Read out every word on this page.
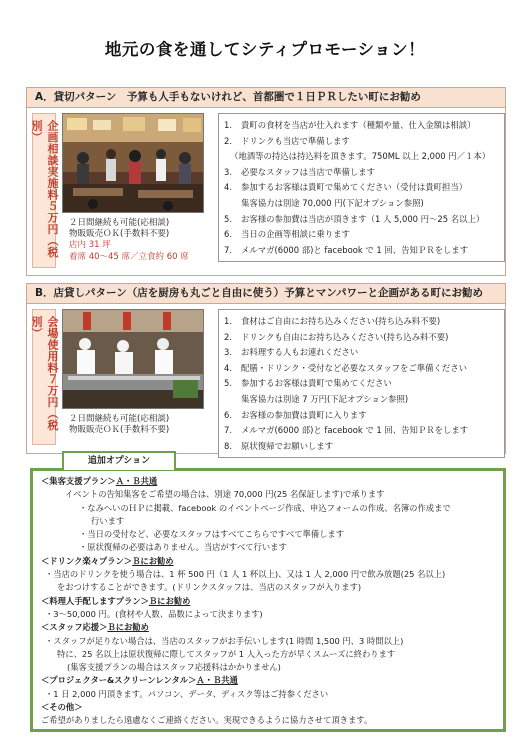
地元の食を通してシティプロモーション！
A．貸切パターン　予算も人手もないけれど、首都圏で１日ＰＲしたい町にお勧め
企画相談実施料５万円（税別）
２日間継続も可能(応相談)
物販販売ＯＫ(手数料不要)
店内 31 坪
着席 40～45 席／立食約 60 席
1.	貴町の食材を当店が仕入れます（種類や量、仕入金額は相談）
2.	ドリンクも当店で準備します
（地酒等の持込は持込料を頂きます。750ML 以上 2,000 円／１本）
3.	必要なスタッフは当店で準備します
4.	参加するお客様は貴町で集めてください（受付は貴町担当）
集客協力は別途 70,000 円(下記オプション参照)
5.	お客様の参加費は当店が頂きます（1 人 5,000 円～25 名以上）
6.	当日の企画等相談に乗ります
7.	メルマガ(6000 部)と facebook で 1 回、告知ＰＲをします
B．店貸しパターン（店を厨房も丸ごと自由に使う）予算とマンパワーと企画がある町にお勧め
会場使用料７万円（税別）
２日間継続も可能(応相談)
物販販売ＯＫ(手数料不要)
1.	食材はご自由にお持ち込みください(持ち込み料不要)
2.	ドリンクも自由にお持ち込みください(持ち込み料不要)
3.	お料理する人もお連れください
4.	配膳・ドリンク・受付など必要なスタッフをご準備ください
5.	参加するお客様は貴町で集めてください
集客協力は別途 7 万円(下記オプション参照)
6.	お客様の参加費は貴町に入ります
7.	メルマガ(6000 部)と facebook で 1 回、告知ＰＲをします
8.	原状復帰でお願いします
追加オプション
＜集客支援プラン＞Ａ・Ｂ共通
イベントの告知集客をご希望の場合は、別途 70,000 円(25 名保証します)で承ります
・なみへいのＨＰに掲載、facebook のイベントページ作成、申込フォームの作成、名簿の作成まで
行います
・当日の受付など、必要なスタッフはすべてこちらですべて準備します
・原状復帰の必要はありません。当店がすべて行います
＜ドリンク楽々プラン＞Ｂにお勧め
・当店のドリンクを使う場合は、1 杯 500 円（1 人 1 杯以上)、又は 1 人 2,000 円で飲み放題(25 名以上)
をおつけすることができます。(ドリンクスタッフは、当店のスタッフが入ります)
＜料理人手配しますプラン＞Ｂにお勧め
・3～50,000 円。(食材や人数、品数によって決まります)
＜スタッフ応援＞Ｂにお勧め
・スタッフが足りない場合は、当店のスタッフがお手伝いします(1 時間 1,500 円、3 時間以上)
特に、25 名以上は原状復帰に際してスタッフが 1 人入った方が早くスムーズに終わります
(集客支援プランの場合はスタッフ応援料はかかりません)
＜プロジェクター&スクリーンレンタル＞Ａ・Ｂ共通
・1 日 2,000 円頂きます。パソコン、データ、ディスク等はご持参ください
＜その他＞
ご希望がありましたら遠慮なくご連絡ください。実現できるように協力させて頂きます。
